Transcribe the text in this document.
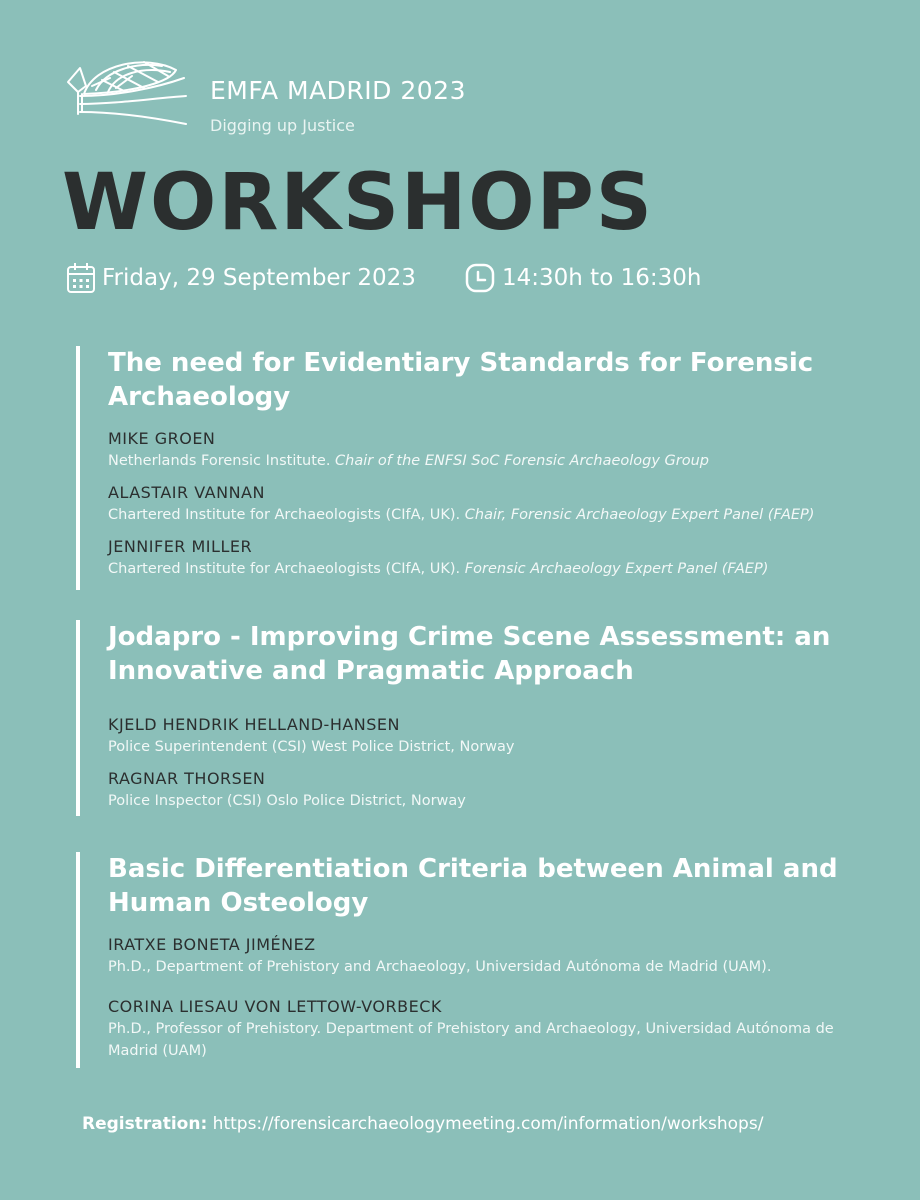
EMFA MADRID 2023
Digging up Justice
WORKSHOPS
Friday, 29 September 2023	14:30h to 16:30h
The need for Evidentiary Standards for Forensic Archaeology
MIKE GROEN
Netherlands Forensic Institute. Chair of the ENFSI SoC Forensic Archaeology Group
ALASTAIR VANNAN
Chartered Institute for Archaeologists (CIfA, UK). Chair, Forensic Archaeology Expert Panel (FAEP)
JENNIFER MILLER
Chartered Institute for Archaeologists (CIfA, UK). Forensic Archaeology Expert Panel (FAEP)
Jodapro - Improving Crime Scene Assessment: an Innovative and Pragmatic Approach
KJELD HENDRIK HELLAND-HANSEN
Police Superintendent (CSI) West Police District, Norway
RAGNAR THORSEN
Police Inspector (CSI) Oslo Police District, Norway
Basic Differentiation Criteria between Animal and Human Osteology
IRATXE BONETA JIMÉNEZ
Ph.D., Department of Prehistory and Archaeology, Universidad Autónoma de Madrid (UAM).
CORINA LIESAU VON LETTOW-VORBECK
Ph.D., Professor of Prehistory. Department of Prehistory and Archaeology, Universidad Autónoma de Madrid (UAM)
Registration: https://forensicarchaeologymeeting.com/information/workshops/
